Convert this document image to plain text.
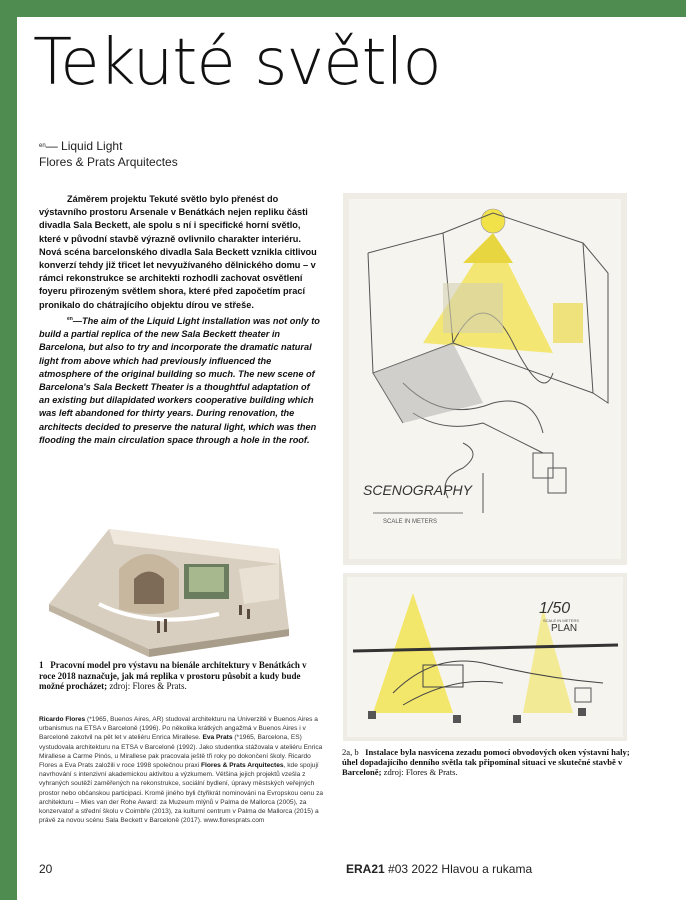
Tekuté světlo
$^{en}$— Liquid Light
Flores & Prats Arquitectes
Záměrem projektu Tekuté světlo bylo přenést do výstavního prostoru Arsenale v Benátkách nejen repliku části divadla Sala Beckett, ale spolu s ní i specifické horní světlo, které v původní stavbě výrazně ovlivnilo charakter interiéru. Nová scéna barcelonského divadla Sala Beckett vznikla citlivou konverzí tehdy již třicet let nevyužívaného dělnického domu – v rámci rekonstrukce se architekti rozhodli zachovat osvětlení foyeru přirozeným světlem shora, které před započetím prací pronikalo do chátrajícího objektu dírou ve střeše.
$^{en}$—The aim of the Liquid Light installation was not only to build a partial replica of the new Sala Beckett theater in Barcelona, but also to try and incorporate the dramatic natural light from above which had previously influenced the atmosphere of the original building so much. The new scene of Barcelona's Sala Beckett Theater is a thoughtful adaptation of an existing but dilapidated workers cooperative building which was left abandoned for thirty years. During renovation, the architects decided to preserve the natural light, which was then flooding the main circulation space through a hole in the roof.
SCENOGRAPHY
SCALE IN METERS
1/50
PLAN
SCALE IN METERS
1 Pracovní model pro výstavu na bienále architektury v Benátkách v roce 2018 naznačuje, jak má replika v prostoru působit a kudy bude možné procházet; zdroj: Flores & Prats.
Ricardo Flores (*1965, Buenos Aires, AR) studoval architekturu na Univerzitě v Buenos Aires a urbanismus na ETSA v Barceloně (1996). Po několika krátkých angažmá v Buenos Aires i v Barceloně zakotvil na pět let v ateliéru Enrica Mirallese. Eva Prats (*1965, Barcelona, ES) vystudovala architekturu na ETSA v Barceloně (1992). Jako studentka stážovala v ateliéru Enrica Mirallese a Carme Pinós, u Mirallese pak pracovala ještě tři roky po dokončení školy. Ricardo Flores a Eva Prats založili v roce 1998 společnou praxi Flores & Prats Arquitectes, kde spojují navrhování s intenzivní akademickou aktivitou a výzkumem. Většina jejich projektů vzešla z vyhraných soutěží zaměřených na rekonstrukce, sociální bydlení, úpravy městských veřejných prostor nebo občanskou participaci. Kromě jiného byli čtyřikrát nominováni na Evropskou cenu za architekturu – Mies van der Rohe Award: za Muzeum mlýnů v Palma de Mallorca (2005), za konzervatoř a střední školu v Coimbře (2013), za kulturní centrum v Palma de Mallorca (2015) a právě za novou scénu Sala Beckett v Barceloně (2017). www.floresprats.com
2a, b Instalace byla nasvícena zezadu pomocí obvodových oken výstavní haly; úhel dopadajícího denního světla tak připomínal situaci ve skutečné stavbě v Barceloně; zdroj: Flores & Prats.
20	ERA21 #03 2022 Hlavou a rukama
